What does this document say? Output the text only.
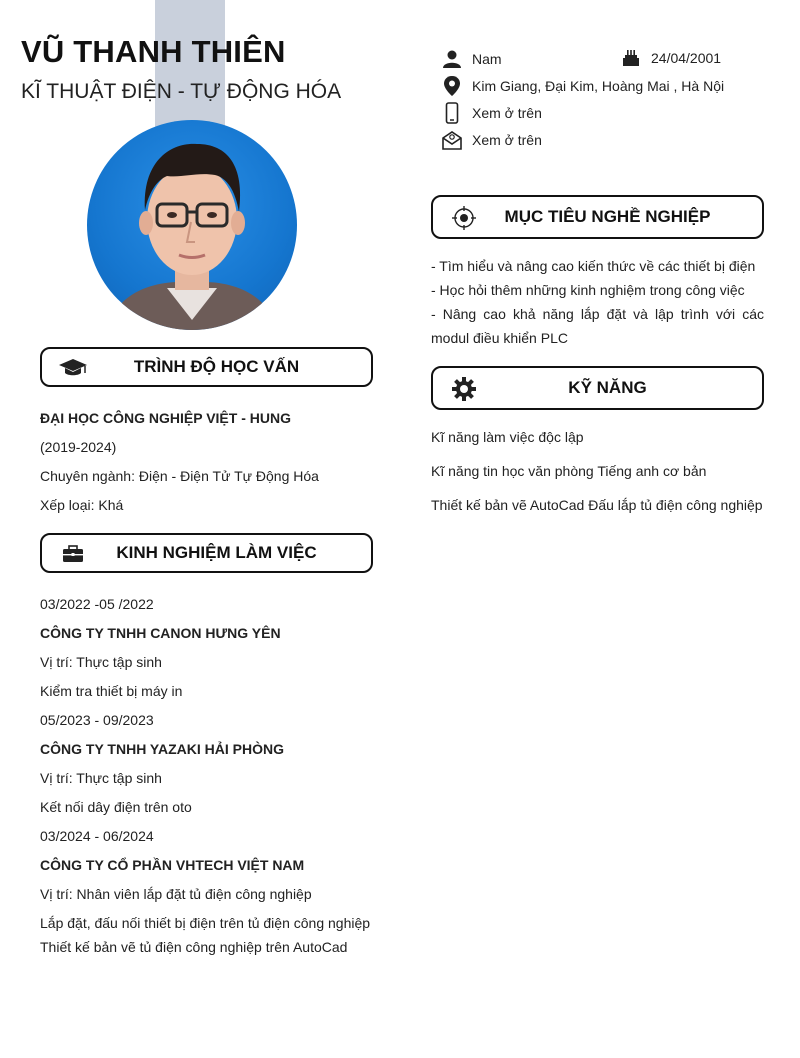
VŨ THANH THIÊN
KĨ THUẬT ĐIỆN - TỰ ĐỘNG HÓA
Nam	24/04/2001
Kim Giang, Đại Kim, Hoàng Mai , Hà Nội
Xem ở trên
Xem ở trên
TRÌNH ĐỘ HỌC VẤN
ĐẠI HỌC CÔNG NGHIỆP VIỆT - HUNG
(2019-2024)
Chuyên ngành: Điện - Điện Tử Tự Động Hóa
Xếp loại: Khá
KINH NGHIỆM LÀM VIỆC
03/2022 -05 /2022
CÔNG TY TNHH CANON HƯNG YÊN
Vị trí: Thực tập sinh
Kiểm tra thiết bị máy in
05/2023 - 09/2023
CÔNG TY TNHH YAZAKI HẢI PHÒNG
Vị trí: Thực tập sinh
Kết nối dây điện trên oto
03/2024 - 06/2024
CÔNG TY CỔ PHẦN VHTECH VIỆT NAM
Vị trí: Nhân viên lắp đặt tủ điện công nghiệp
Lắp đặt, đấu nối thiết bị điện trên tủ điện công nghiệp
Thiết kế bản vẽ tủ điện công nghiệp trên AutoCad
MỤC TIÊU NGHỀ NGHIỆP
- Tìm hiểu và nâng cao kiến thức về các thiết bị điện
- Học hỏi thêm những kinh nghiệm trong công việc
- Nâng cao khả năng lắp đặt và lập trình với các modul điều khiển PLC
KỸ NĂNG
Kĩ năng làm việc độc lập
Kĩ năng tin học văn phòng Tiếng anh cơ bản
Thiết kế bản vẽ AutoCad Đấu lắp tủ điện công nghiệp
